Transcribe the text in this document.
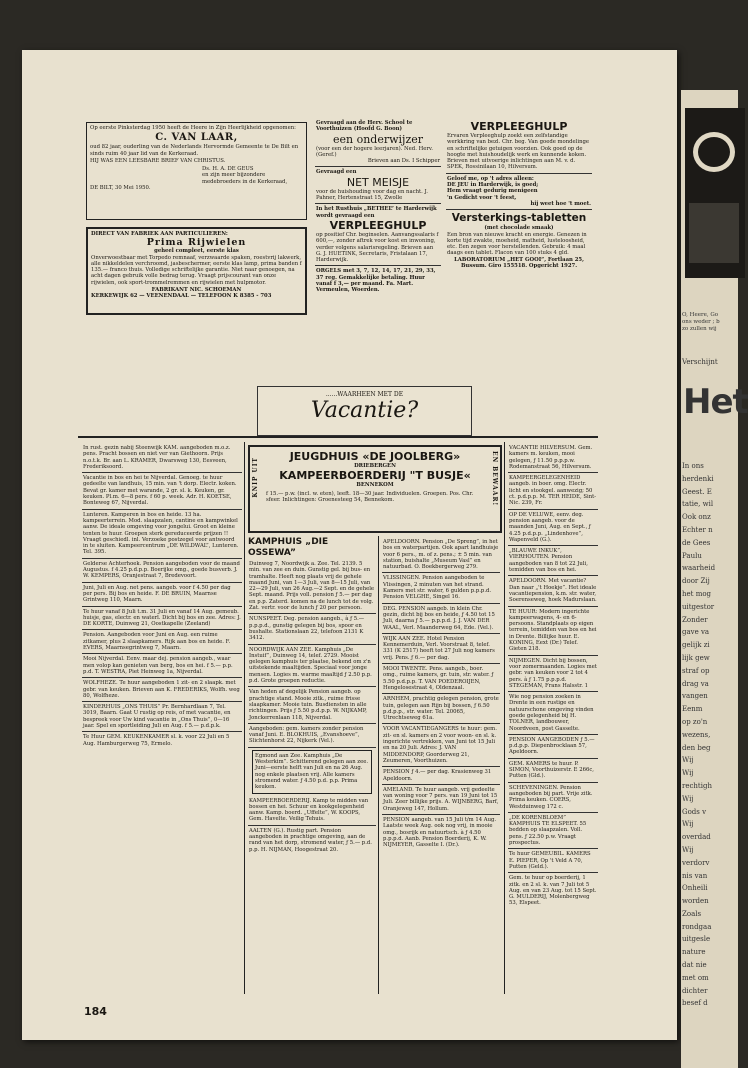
Op eerste Pinksterdag 1950 heeft de Heere in Zijn Heerlijkheid opgenomen:
C. VAN LAAR,
oud 82 jaar, ouderling van de Nederlands Hervormde Gemeente te De Bilt en sinds ruim 40 jaar lid van de Kerkeraad.
HIJ WAS EEN LEESBARE BRIEF VAN CHRISTUS.
Ds. H. A. DE GEUS
en zijn meer bijzondere medebroeders in de Kerkeraad,
DE BILT, 30 Mei 1950.
DIRECT VAN FABRIEK AAN PARTICULIEREN:
Prima Rijwielen
geheel compleet, eerste klas
Onverwoestbaar met Torpedo remnaaf, verzwaarde spaken, roestvrij lakwerk, alle nikkeldelen verchroomd, jasbeschermer, eerste klas lamp, prima banden f 135.— franco thuis. Volledige schriftelijke garantie. Niet naar genoegen, na acht dagen gebruik volle bedrag terug. Vraagt prijscourant van onze rijwielen, ook sport-trommelremmen en rijwielen met hulpmotor.
FABRIKANT NIC. SCHOEMAN
KERKEWIJK 62 — VEENENDAAL — TELEFOON K 8385 - 703
Gevraagd aan de Herv. School te Voorthuizen (Hoofd G. Boon)
een onderwijzer
(voor een der hogere leerjaren). Ned. Herv. (Geref.)
Brieven aan Ds. I Schipper
Gevraagd een
NET MEISJE
voor de huishouding voor dag en nacht. J. Pahner, Hertenstraat 15, Zwolle
In het Rusthuis „BETHEL” te Harderwijk wordt gevraagd een
VERPLEEGHULP
op positief Chr. beginselen. Aanvangssalaris f 600,—, zonder aftrek voor kost en inwoning, verder volgens salarisregeling. Brieven aan G. J. HUETINK, Secretaris, Fristalaan 17, Harderwijk.
ORGELS met 3, 7, 12, 14, 17, 21, 29, 33, 37 reg. Gemakkelijke betaling. Huur vanaf f 3,— per maand. Fa. Mart. Vermeulen, Woerden.
VERPLEEGHULP
Ervaren Verpleeghulp zoekt een zelfstandige werkkring van bezl. Chr. beg. Van goede mondelinge en schriftelijke getuigen voorzien. Ook goed op de hoogte met huishoudelijk werk en kunnende koken. Brieven met uitvoerige inlichtingen aan M. v. d. SPEK, Rossinilaan 10, Hilversum.
Geloof me, op 't adres alleen:
DE JEU in Harderwijk, is goed;
Hem vraagt gedurig menigeen
'n Gedicht voor 't feest,
hij weet hoe 't moet.
Versterkings-tabletten
(met chocolade smaak)
Een bron van nieuwe kracht en energie. Genezen in korte tijd zwakte, moeheid, matheid, lusteloosheid, etc. Een zegen voor herstellenden. Gebruik: 4 maal daags een tablet. Flacon van 100 stuks 4 gld.
LABORATORIUM „HET GOOI”, Fortlaan 25, Bussum. Giro 155518. Opgericht 1927.
......WAARHEEN MET DE
Vacantie?
In rust. gezin nabij Steenwijk KAM. aangeboden m.o.z. pens. Pracht bossen en niet ver van Giethoorn. Prijs n.o.t.k. Br. aan L. KRAMER, Dwarsweg 130, Eesveen, Frederiksoord.
Vacantie in bos en hei te Nijverdal. Genoeg. te huur gedeelte van landhuis, 15 min. van 't dorp. Electr. koken. Bevat gr. kamer met warande, 2 gr. sl. k. Keuken, gr. keuken. Pl.m. 6—8 pers. f 60 p. week. Adr. H. KOETSE, Bonteweg 67, Nijverdal.
Lunteren. Kamperen in bos en heide. 13 ha. kampeerterrein. Mod. slaapzalen, cantine en kampwinkel aanw. De ideale omgeving voor jongelui. Groot en kleine tenten te huur. Groepen sterk gereduceerde prijzen !! Vraagt geschiedl. inl. Verzoeke postzegel voor antwoord in te sluiten. Kampeercentrum „DE WILDWAL”, Lunteren. Tel. 395.
Gelderse Achterhoek. Pension aangeboden voor de maand Augustus. f 4.25 p.d.p.p. Boerijke omg., goede busverb. J. W. KEMPERS, Oranjestraat 7, Bredevoort.
Juni, Juli en Aug. net pens. aangeb. voor f 4.50 per dag per pers. Bij bos en heide. F. DE BRUIN, Maarnse Grintweg 110, Maarn.
Te huur vanaf 8 Juli t.m. 31 Juli en vanaf 14 Aug. gemeub. huisje, gas, electr. en waterl. Dicht bij bos en zee. Adres: J. DE KORTE, Duinweg 21, Oostkapelle (Zeeland)
Pension. Aangeboden voor Juni en Aug. een ruime zitkamer, plus 2 slaapkamers. Rijk aan bos en heide. F. EVERS, Maarnsegrintweg 7, Maarn.
Mooi Nijverdal. Eenv. maar dej. pension aangeb., waar men volop kan genieten van berg, bos en hei. f 5.— p.p. p.d. T. WESTRA, Piet Heinweg 1a, Nijverdal.
WOLFHEZE. Te huur aangeboden 1 zit- en 2 slaapk. met gebr. van keuken. Brieven aan K. FREDERIKS, Wolfh. weg 80, Wolfheze.
KINDERHUIS „ONS THUIS” Pr. Bernhardlaan 7, Tel. 3019, Baarn. Gaat U rustig op reis, of met vacantie, en bespreek voor Uw kind vacantie in „Ons Thuis”, 0—16 jaar. Spel en sportleiding Juli en Aug. f 5.— p.d.p.k.
Te Huur GEM. KEUKENKAMER sl. k. voor 22 Juli en 5 Aug. Hamburgerweg 75, Ermelo.
KNIP UIT	EN BEWAAR!
JEUGDHUIS «DE JOOLBERG»
DRIEBERGEN
KAMPEERBOERDERIJ "T BUSJE«
BENNEKOM
f 15.— p.w. (incl. w. eten), leeft. 18—30 jaar. Individuelen. Groepen. Pos. Chr. sfeer. Inlichtingen: Groenesteeg 54, Bennekom.
KAMPHUIS „DIE OSSEWA”
Duinweg 7, Noordwijk a. Zee. Tel. 2139. 5 min. van zee en duin. Gunstig gel. bij bus- en tramhalte. Heeft nog plaats vrij de gehele maand Juni, van 1—3 Juli, van 8—15 Juli, van 22—29 Juli, van 26 Aug.—2 Sept. en de gehele Sept. maand. Prijs voll. pension ƒ 5.— per dag en p.p. Zaterd. komen na de lunch tot de volg. Zat. vertr. voor de lunch ƒ 20 per persoon.
NUNSPEET. Deg. pension aangeb., à ƒ 5.— p.p.p.d., gunstig gelegen bij bos, spoor en bushalte. Stationslaan 22, telefoon 2131 K 3412.
NOORDWIJK AAN ZEE. Kamphuis „De Instuif”, Duinweg 14, telef. 2729. Mooist gelegen kamphuis ter plaatse, bekend om z'n uitstekende maaltijden. Speciaal voor jonge mensen. Logies m. warme maaltijd ƒ 2.50 p.p. p.d. Grote groepen reductie.
Van heden af degelijk Pension aangeb. op prachtige stand. Mooie zitk., ruime frisse slaapkamer. Mooie tuin. Busdiensten in alle richtingen. Prijs ƒ 5.50 p.d.p.p. W. NIJKAMP, Jonckerrenlaan 118, Nijverdal.
Aangeboden: gem. kamers zonder pension vanaf Juni. E. BLOKHUIS, „Evanshoeve”, Slichtenhorst 22, Nijkerk (Vel.).
Egmond aan Zee. Kamphuis „De Westerkim”. Schitterend gelegen aan zee. Juni—eerste helft van Juli en na 26 Aug. nog enkele plaatsen vrij. Alle kamers stromend water. ƒ 4.50 p.d. p.p. Prima keuken.
KAMPEERBOERDERIJ. Kamp te midden van bossen en hei. Schuur en kookgelegenheid aanw. Kamp. boerd. „Uffelte”, W. KOOPS, Gem. Havelte. Veilig Tehuis.
AALTEN (G.). Rustig part. Pension aangeboden in prachtige omgeving, aan de rand van het dorp, stromend water, ƒ 5.— p.d. p.p. H. NIJMAN, Hoogestraat 20.
APELDOORN. Pension „De Spreng”, in het bos en waterpartijen. Ook apart landhuisje voor 6 pers., m. of z. pens.; ± 5 min. van station, buishalte „Museum Vasl” en natuurbad. O. Boekbergerweg 279.
VLISSINGEN. Pension aangeboden te Vlissingen, 2 minuten van het strand. Kamers met str. water, 6 gulden p.p.p.d. Pension VELGHE, Singel 16.
DEG. PENSION aangeb. in klein Chr. gezin, dicht bij bos en heide, ƒ 4.50 tot 15 Juli, daarna ƒ 5.— p.p.p.d. J. J. VAN DER WAAL, Verl. Maanderweg 64, Ede. (Vel.).
WIJK AAN ZEE. Hotel Pension Kennemerduin, Verl. Voorstraat 8, telef. 331 (K 2517) heeft tot 27 Juli nog kamers vrij. Pens. ƒ 6.— per dag.
MOOI TWENTE. Pens. aangeb., boer. omg., ruime kamers, gr. tuin, str. water. ƒ 5.50 p.d.p.p. T. VAN POEDEROIJEN, Hengelosestraat 4, Oldenzaal.
ARNHEM, prachtig gelegen pension, grote tuin, gelegen aan Rijn bij bossen, ƒ 6.50 p.d.p.p., str. water. Tel. 20065, Utrechtseweg 61a.
VOOR VACANTIEGANGERS te huur: gem. zit- en sl. kamers en 2 voor woon- en sl. k. ingerichte vertrekken, van Juni tot 15 Juli en na 20 Juli. Adres: J. VAN MIDDENDORP, Goorderweg 21, Zeumeren, Voorthuizen.
PENSION ƒ 4.— per dag. Krasienweg 31 Apeldoorn.
AMELAND. Te huur aangeb. vrij gedeelte van woning voor 7 pers. van 19 Juni tot 15 Juli. Zeer billijke prijs. A. WIJNBERG, Barf, Oranjeweg 147, Hollum.
PENSION aangeb. van 15 Juli t/m 14 Aug. Laatste week Aug. ook nog vrij, in mooie omg., bosrijk en natuurtsch. à ƒ 4.50 p.p.p.d. Aanb. Pension Boerderij, K. W. NIJMEYER, Gasselte I. (Dr.).
VACANTIE HILVERSUM. Gem. kamers m. keuken, mooi gelegen, ƒ 11.50 p.p.p.w. Rodemanstraat 56, Hilversum.
KAMPEERGELEGENHEID aangeb. in boer. omg. Electr. licht en stookgel. aanwezig; 50 ct. p.d.p.p. M. TER HEIDE, Sint-Nic. 239, Fr.
OP DE VELUWE, eenv. deg. pension aangeb. voor de maanden Juni, Aug. en Sept., ƒ 4.25 p.d.p.p. „Lindenhove”, Wapenveld (G.).
„BLAUWE INKUK”, VIERHOUTEN. Pension aangeboden van 8 tot 22 Juli, temidden van bos en hei.
APELDOORN. Met vacantie? Dan naar „'t Hoekje”. Het ideale vacantiepension, k.m. str. water, Soerenseweg, hoek Madurslaan.
TE HUUR: Modern ingerichte kampeerwagens, 4- en 6-persoons. Standplaats op eigen terrein, temidden van bos en hei in Drente. Billijke huur. E. KONING, Eext (Dr.) Telef. Gieten 218.
NIJMEGEN. Dicht bij bossen, voor zomermaanden. Logies met gebr. van keuken voor 2 tot 4 pers. à ƒ 1.75 p.p.p.d. STEGEMAN, Frans Halsstr. 1
Wie nog pension zoeken in Drente in een rustige en natuurschone omgeving vinden goede gelegenheid bij H. TOLNER, landbouwer, Noordveen, post Gasselte.
PENSION AANGEBODEN ƒ 5.— p.d.p.p. Diepenbrocklaan 57, Apeldoorn.
GEM. KAMERS te huur. P. SIMON, Voorthuizerstr. E 266c, Putten (Gld.).
SCHEVENINGEN. Pension aangeboden bij part. Vrije zitk. Prima keuken. COERS, Westduinweg 172 c.
„DE KORENBLOEM” KAMPHUIS TE ELSPEET. 55 bedden op slaapzalen. Voll. pens. ƒ 22.50 p.w. Vraagt prospectus.
Te huur GEMEUBIL. KAMERS E. PIEPER, Op 't Veld A 70, Putten (Geld.).
Gem. te huur op boerderij, 1 zitk. en 2 sl. k. van 7 Juli tot 5 Aug. en van 23 Aug. tot 15 Sept. G. MULDERIJ, Molenbergweg 53, Elspeet.
184
O, Heere, Go
ons weder ; b
zo zullen wij
Verschijnt
Het
In ons
herdenki
Geest. E
tatie, wil
Ook onz
Echter n
de Gees
Paulu
waarheid
door Zij
het mog
uitgestor
Zonder
gave va
gelijk zi
lijk gew
straf op
drag va
vangen
Eenm
op zo'n
wezens,
den beg
Wij
Wij
rechtigh
Wij
Gods v
Wij
overdad
Wij
verdorv
nis van
Onheili
worden
Zoals
rondgaa
uitgesle
nature
dat nie
met om
dichter
besef d
